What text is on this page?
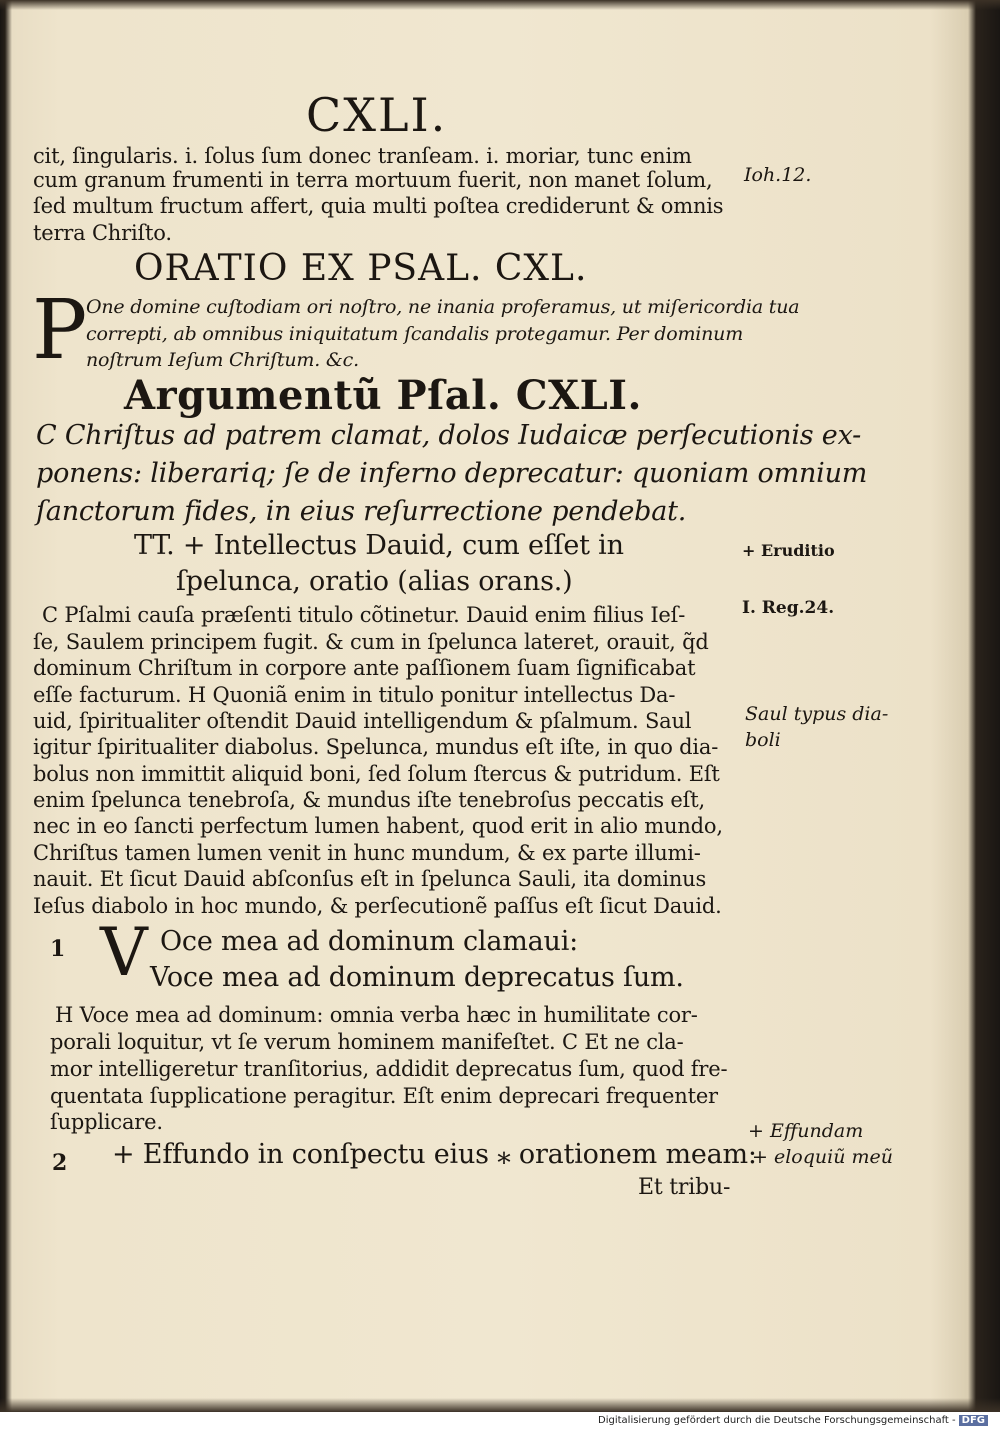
CXLI.

cit, ſingularis. i. ſolus ſum donec tranſeam. i. moriar, tunc enim

cum granum frumenti in terra mortuum fuerit, non manet ſolum,

ſed multum fructum affert, quia multi poſtea crediderunt & omnis

terra Chriſto.

ORATIO EX PSAL. CXL.

P

One domine cuſtodiam ori noſtro, ne inania proferamus, ut miſericordia tua

correpti, ab omnibus iniquitatum ſcandalis protegamur. Per dominum

noſtrum Ieſum Chriſtum. &c.

Argumentũ Pſal. CXLI.

C Chriſtus ad patrem clamat, dolos Iudaicæ perſecutionis ex-

ponens: liberariq; ſe de inferno deprecatur: quoniam omnium

ſanctorum fides, in eius reſurrectione pendebat.

TT. + Intellectus Dauid, cum eſſet in

ſpelunca, oratio (alias orans.)

C Pſalmi cauſa præſenti titulo cõtinetur. Dauid enim filius Ieſ-

ſe, Saulem principem fugit. & cum in ſpelunca lateret, orauit, q̃d

dominum Chriſtum in corpore ante paſſionem ſuam ſignificabat

eſſe facturum. H Quoniã enim in titulo ponitur intellectus Da-

uid, ſpiritualiter oſtendit Dauid intelligendum & pſalmum. Saul

igitur ſpiritualiter diabolus. Spelunca, mundus eſt iſte, in quo dia-

bolus non immittit aliquid boni, ſed ſolum ſtercus & putridum. Eſt

enim ſpelunca tenebroſa, & mundus iſte tenebroſus peccatis eſt,

nec in eo ſancti perfectum lumen habent, quod erit in alio mundo,

Chriſtus tamen lumen venit in hunc mundum, & ex parte illumi-

nauit. Et ſicut Dauid abſconſus eſt in ſpelunca Sauli, ita dominus

Ieſus diabolo in hoc mundo, & perſecutionẽ paſſus eſt ſicut Dauid.

1 V Oce mea ad dominum clamaui:

Voce mea ad dominum deprecatus ſum.

H Voce mea ad dominum: omnia verba hæc in humilitate cor-

porali loquitur, vt ſe verum hominem manifeſtet. C Et ne cla-

mor intelligeretur tranſitorius, addidit deprecatus ſum, quod fre-

quentata ſupplicatione peragitur. Eſt enim deprecari frequenter

ſupplicare.

2 + Effundo in conſpectu eius ⁎ orationem meam:

Et tribu-

Ioh.12.

+ Eruditio

I. Reg.24.

Saul typus dia-

boli

+ Effundam

+ eloquiũ meũ

Digitalisierung gefördert durch die Deutsche Forschungsgemeinschaft - DFG
